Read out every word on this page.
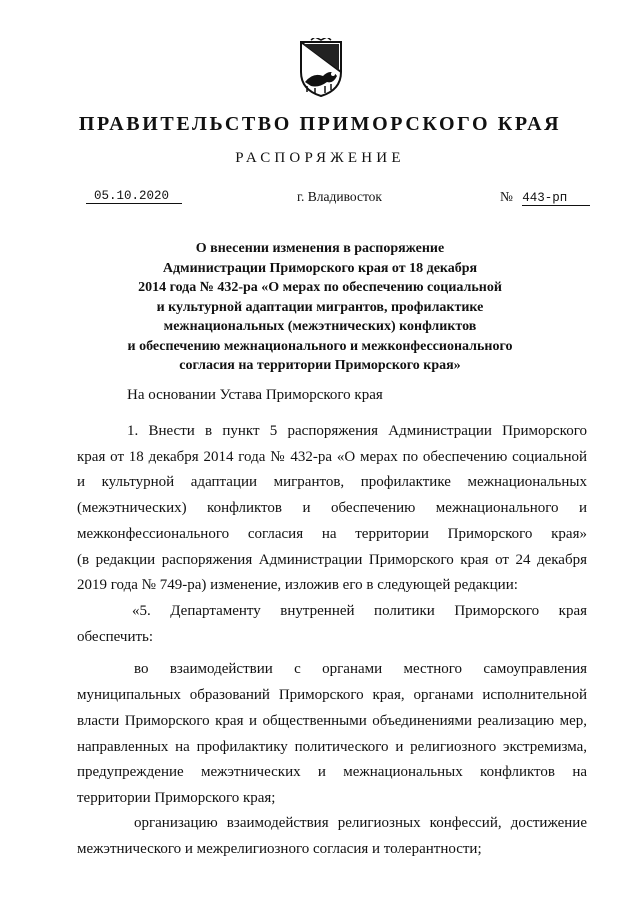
ПРАВИТЕЛЬСТВО ПРИМОРСКОГО КРАЯ
РАСПОРЯЖЕНИЕ
05.10.2020	г. Владивосток	№ 443-рп
О внесении изменения в распоряжение
Администрации Приморского края от 18 декабря
2014 года № 432-ра «О мерах по обеспечению социальной
и культурной адаптации мигрантов, профилактике
межнациональных (межэтнических) конфликтов
и обеспечению межнационального и межконфессионального
согласия на территории Приморского края»
На основании Устава Приморского края
1. Внести в пункт 5 распоряжения Администрации Приморского
края от 18 декабря 2014 года № 432-ра «О мерах по обеспечению социальной
и культурной адаптации мигрантов, профилактике межнациональных
(межэтнических) конфликтов и обеспечению межнационального и
межконфессионального согласия на территории Приморского края»
(в редакции распоряжения Администрации Приморского края от 24 декабря
2019 года № 749-ра) изменение, изложив его в следующей редакции:
«5. Департаменту внутренней политики Приморского края
обеспечить:
во взаимодействии с органами местного самоуправления
муниципальных образований Приморского края, органами исполнительной
власти Приморского края и общественными объединениями реализацию мер,
направленных на профилактику политического и религиозного экстремизма,
предупреждение межэтнических и межнациональных конфликтов на
территории Приморского края;
организацию взаимодействия религиозных конфессий, достижение
межэтнического и межрелигиозного согласия и толерантности;
